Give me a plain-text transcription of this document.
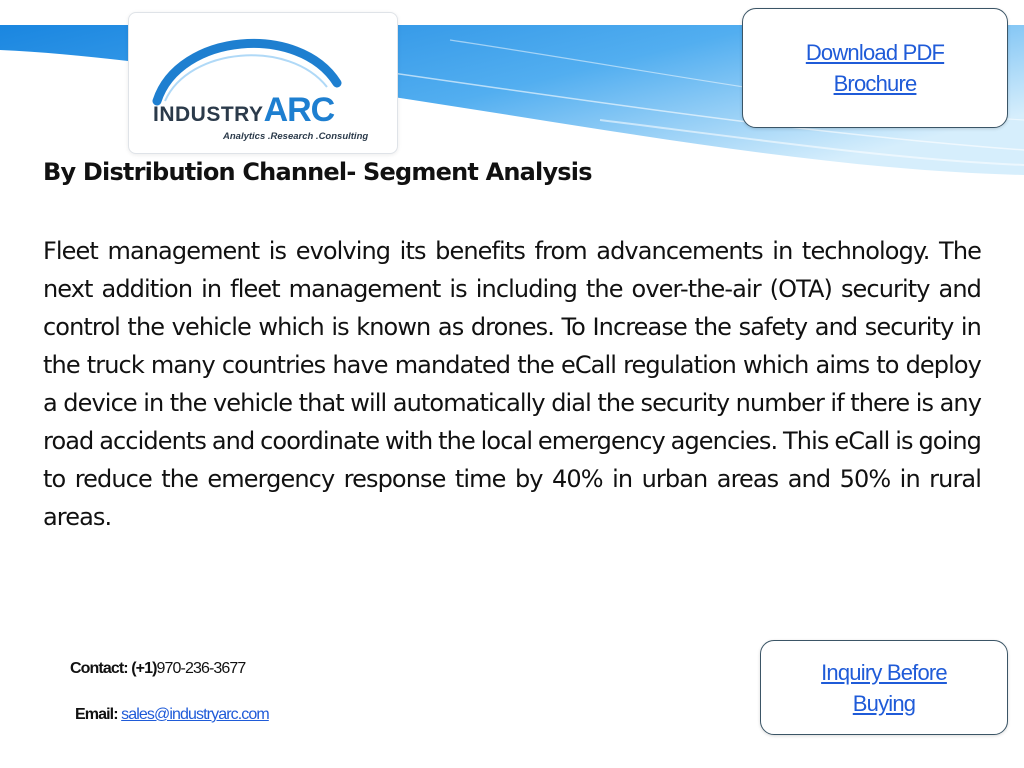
INDUSTRYARC
Analytics .Research .Consulting
Download PDF
Brochure
By Distribution Channel- Segment Analysis

Fleet management is evolving its benefits from advancements in technology. The next addition in fleet management is including the over-the-air (OTA) security and control the vehicle which is known as drones. To Increase the safety and security in the truck many countries have mandated the eCall regulation which aims to deploy a device in the vehicle that will automatically dial the security number if there is any road accidents and coordinate with the local emergency agencies. This eCall is going to reduce the emergency response time by 40% in urban areas and 50% in rural areas.

Contact: (+1)970-236-3677
Email: sales@industryarc.com
Inquiry Before
Buying
